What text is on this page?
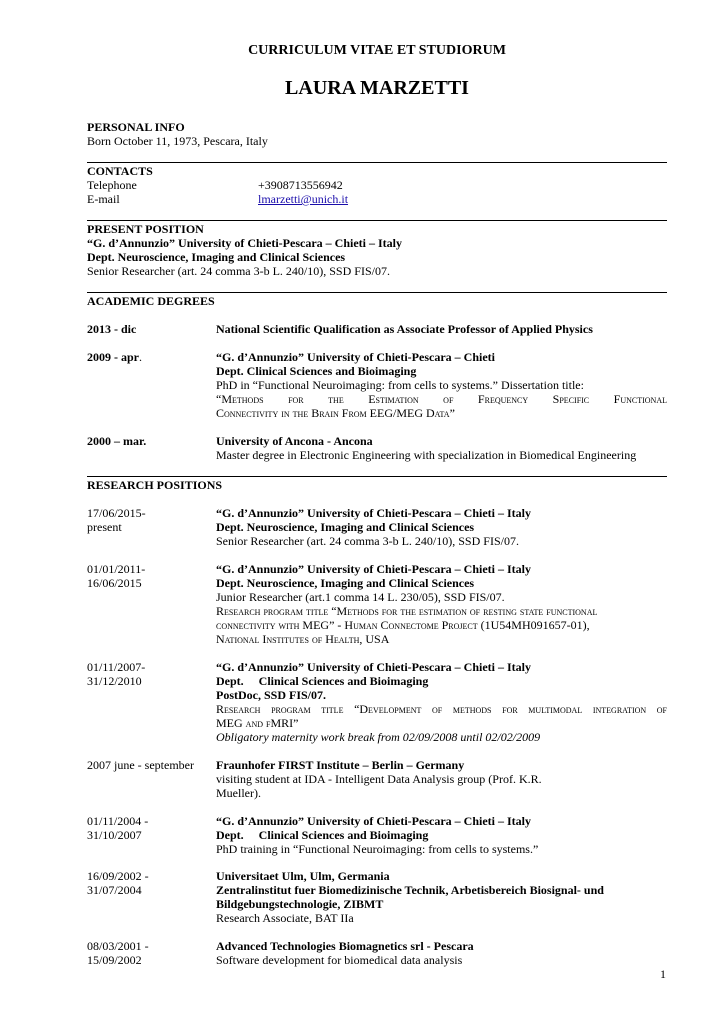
CURRICULUM VITAE ET STUDIORUM
LAURA MARZETTI
PERSONAL INFO
Born October 11, 1973, Pescara, Italy
CONTACTS
Telephone	+3908713556942
E-mail	lmarzetti@unich.it
PRESENT POSITION
“G. d’Annunzio” University of Chieti-Pescara – Chieti – Italy
Dept. Neuroscience, Imaging and Clinical Sciences
Senior Researcher (art. 24 comma 3-b L. 240/10), SSD FIS/07.
ACADEMIC DEGREES
2013 - dic	National Scientific Qualification as Associate Professor of Applied Physics
2009 - apr.	“G. d’Annunzio” University of Chieti-Pescara – Chieti
Dept. Clinical Sciences and Bioimaging
PhD in “Functional Neuroimaging: from cells to systems.” Dissertation title:
“Methods for the Estimation of Frequency Specific Functional
Connectivity in the Brain From EEG/MEG Data”
2000 – mar.	University of Ancona - Ancona
Master degree in Electronic Engineering with specialization in Biomedical Engineering
RESEARCH POSITIONS
17/06/2015-
present
“G. d’Annunzio” University of Chieti-Pescara – Chieti – Italy
Dept. Neuroscience, Imaging and Clinical Sciences
Senior Researcher (art. 24 comma 3-b L. 240/10), SSD FIS/07.
01/01/2011-
16/06/2015
“G. d’Annunzio” University of Chieti-Pescara – Chieti – Italy
Dept. Neuroscience, Imaging and Clinical Sciences
Junior Researcher (art.1 comma 14 L. 230/05), SSD FIS/07.
Research program title “Methods for the estimation of resting state functional
connectivity with MEG” - Human Connectome Project (1U54MH091657-01),
National Institutes of Health, USA
01/11/2007-
31/12/2010
“G. d’Annunzio” University of Chieti-Pescara – Chieti – Italy
Dept.     Clinical Sciences and Bioimaging
PostDoc, SSD FIS/07.
Research program title “Development of methods for multimodal integration of
MEG and fMRI”
Obligatory maternity work break from 02/09/2008 until 02/02/2009
2007 june - september	Fraunhofer FIRST Institute – Berlin – Germany
visiting student at IDA - Intelligent Data Analysis group (Prof. K.R.
Mueller).
01/11/2004 -
31/10/2007
“G. d’Annunzio” University of Chieti-Pescara – Chieti – Italy
Dept.     Clinical Sciences and Bioimaging
PhD training in “Functional Neuroimaging: from cells to systems.”
16/09/2002 -
31/07/2004
Universitaet Ulm, Ulm, Germania
Zentralinstitut fuer Biomedizinische Technik, Arbetisbereich Biosignal- und
Bildgebungstechnologie, ZIBMT
Research Associate, BAT IIa
08/03/2001 -
15/09/2002
Advanced Technologies Biomagnetics srl - Pescara
Software development for biomedical data analysis
1
